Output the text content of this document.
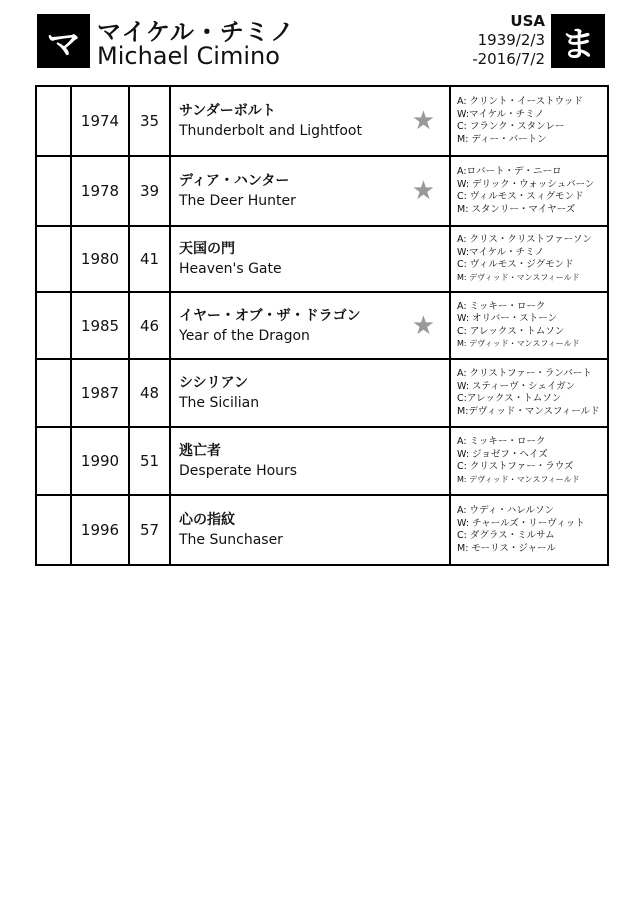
マ マイケル・チミノ
Michael Cimino
USA
1939/2/3
-2016/7/2 ま
	1974	35	
サンダーボルト
Thunderbolt and Lightfoot	★

A: クリント・イーストウッド
W:マイケル・チミノ
C: フランク・スタンレー
M: ディー・バートン

	1978	39	
ディア・ハンター
The Deer Hunter	★

A:ロバート・デ・ニーロ
W: デリック・ウォッシュバーン
C: ヴィルモス・スィグモンド
M: スタンリー・マイヤーズ

	1980	41	
天国の門
Heaven's Gate

A: クリス・クリストファーソン
W:マイケル・チミノ
C: ヴィルモス・ジグモンド
M: デヴィッド・マンスフィールド

	1985	46	
イヤー・オブ・ザ・ドラゴン
Year of the Dragon	★

A: ミッキー・ローク
W: オリバー・ストーン
C: アレックス・トムソン
M: デヴィッド・マンスフィールド

	1987	48	
シシリアン
The Sicilian

A: クリストファー・ランバート
W: スティーヴ・シェイガン
C:アレックス・トムソン
M:デヴィッド・マンスフィールド

	1990	51	
逃亡者
Desperate Hours

A: ミッキー・ローク
W: ジョゼフ・ヘイズ
C: クリストファー・ラウズ
M: デヴィッド・マンスフィールド

	1996	57	
心の指紋
The Sunchaser

A: ウディ・ハレルソン
W: チャールズ・リーヴィット
C: ダグラス・ミルサム
M: モーリス・ジャール
